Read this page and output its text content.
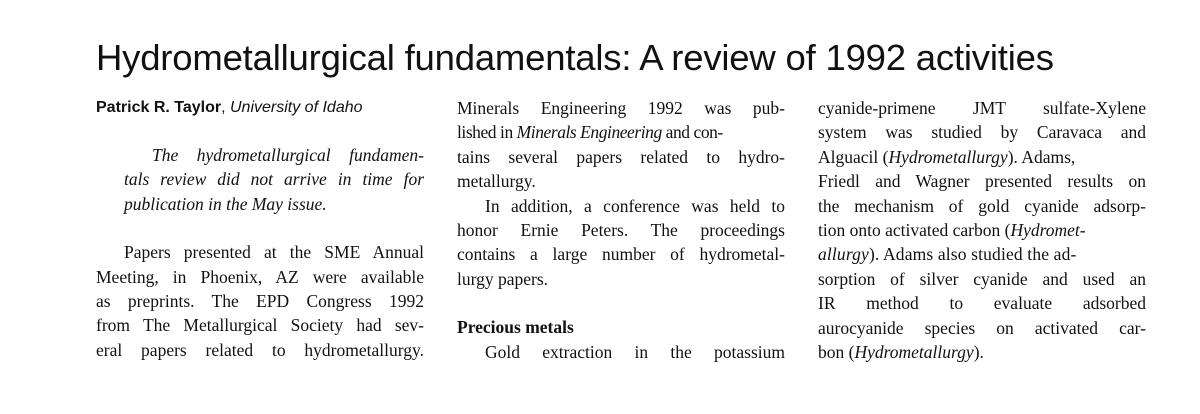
Hydrometallurgical fundamentals: A review of 1992 activities
Patrick R. Taylor, University of Idaho
The hydrometallurgical fundamen-
tals review did not arrive in time for
publication in the May issue.
Papers presented at the SME Annual
Meeting, in Phoenix, AZ were available
as preprints. The EPD Congress 1992
from The Metallurgical Society had sev-
eral papers related to hydrometallurgy.
Minerals Engineering 1992 was pub-
lished in Minerals Engineering and con-
tains several papers related to hydro-
metallurgy.
In addition, a conference was held to
honor Ernie Peters. The proceedings
contains a large number of hydrometal-
lurgy papers.
Precious metals
Gold extraction in the potassium
cyanide-primene JMT sulfate-Xylene
system was studied by Caravaca and
Alguacil (Hydrometallurgy). Adams,
Friedl and Wagner presented results on
the mechanism of gold cyanide adsorp-
tion onto activated carbon (Hydromet-
allurgy). Adams also studied the ad-
sorption of silver cyanide and used an
IR method to evaluate adsorbed
aurocyanide species on activated car-
bon (Hydrometallurgy).
